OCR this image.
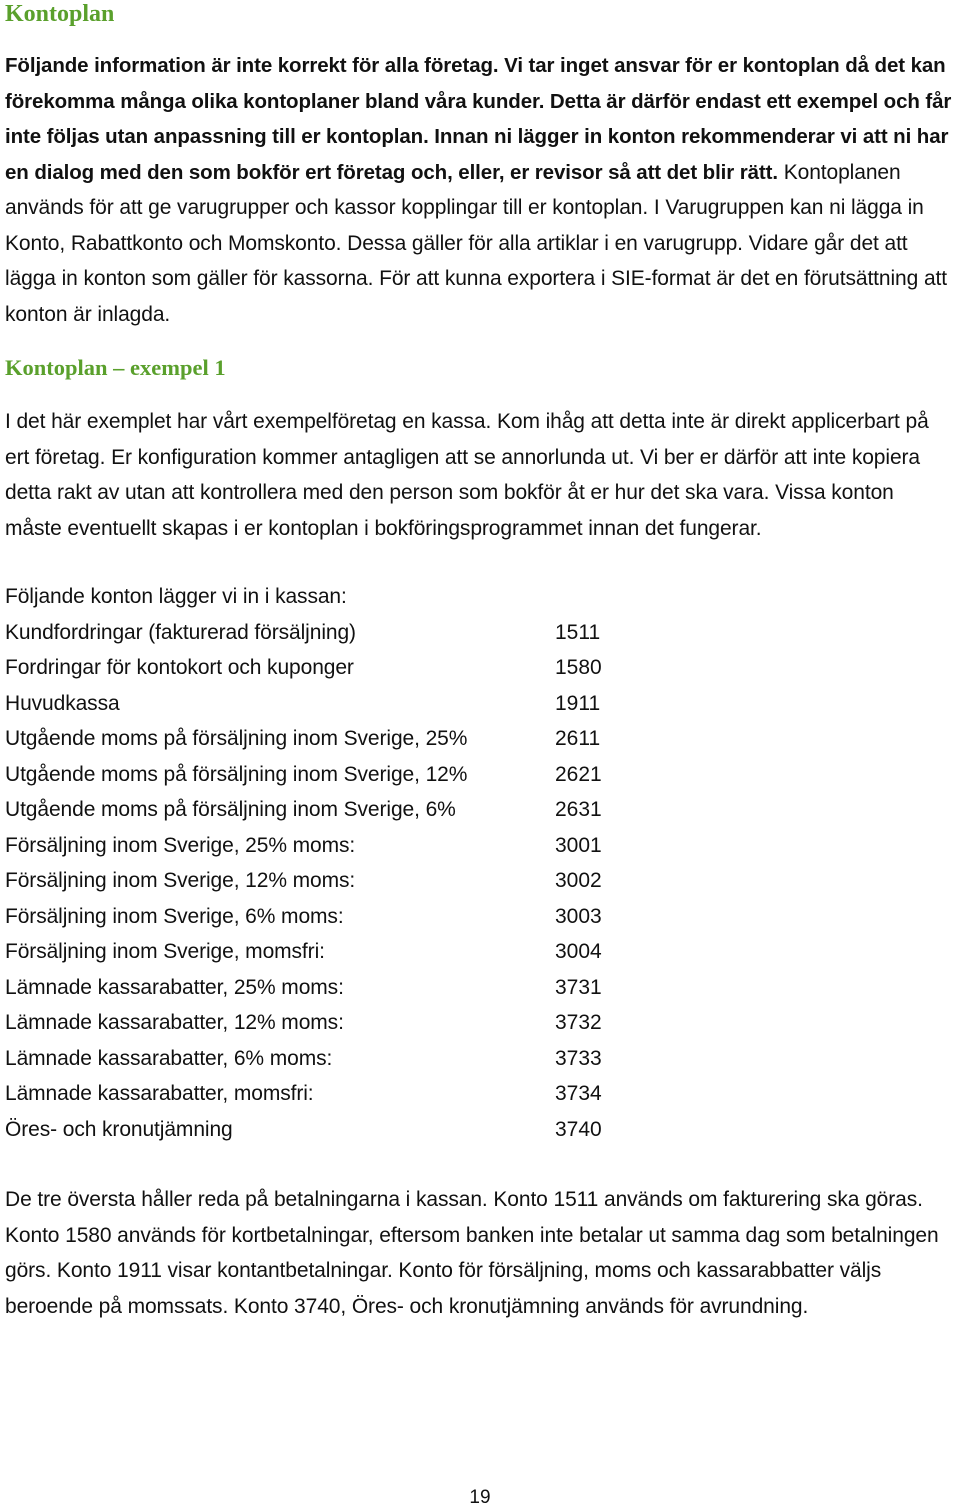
Kontoplan

Följande information är inte korrekt för alla företag. Vi tar inget ansvar för er kontoplan då det kan förekomma många olika kontoplaner bland våra kunder. Detta är därför endast ett exempel och får inte följas utan anpassning till er kontoplan. Innan ni lägger in konton rekommenderar vi att ni har en dialog med den som bokför ert företag och, eller, er revisor så att det blir rätt. Kontoplanen används för att ge varugrupper och kassor kopplingar till er kontoplan. I Varugruppen kan ni lägga in Konto, Rabattkonto och Momskonto. Dessa gäller för alla artiklar i en varugrupp. Vidare går det att lägga in konton som gäller för kassorna. För att kunna exportera i SIE-format är det en förutsättning att konton är inlagda.

Kontoplan – exempel 1

I det här exemplet har vårt exempelföretag en kassa. Kom ihåg att detta inte är direkt applicerbart på ert företag. Er konfiguration kommer antagligen att se annorlunda ut. Vi ber er därför att inte kopiera detta rakt av utan att kontrollera med den person som bokför åt er hur det ska vara. Vissa konton måste eventuellt skapas i er kontoplan i bokföringsprogrammet innan det fungerar.

Följande konton lägger vi in i kassan:

Kundfordringar (fakturerad försäljning)	1511
Fordringar för kontokort och kuponger	1580
Huvudkassa	1911
Utgående moms på försäljning inom Sverige, 25%	2611
Utgående moms på försäljning inom Sverige, 12%	2621
Utgående moms på försäljning inom Sverige, 6%	2631
Försäljning inom Sverige, 25% moms:	3001
Försäljning inom Sverige, 12% moms:	3002
Försäljning inom Sverige, 6% moms:	3003
Försäljning inom Sverige, momsfri:	3004
Lämnade kassarabatter, 25% moms:	3731
Lämnade kassarabatter, 12% moms:	3732
Lämnade kassarabatter, 6% moms:	3733
Lämnade kassarabatter, momsfri:	3734
Öres- och kronutjämning	3740

De tre översta håller reda på betalningarna i kassan. Konto 1511 används om fakturering ska göras. Konto 1580 används för kortbetalningar, eftersom banken inte betalar ut samma dag som betalningen görs. Konto 1911 visar kontantbetalningar. Konto för försäljning, moms och kassarabbatter väljs beroende på momssats. Konto 3740, Öres- och kronutjämning används för avrundning.

19
